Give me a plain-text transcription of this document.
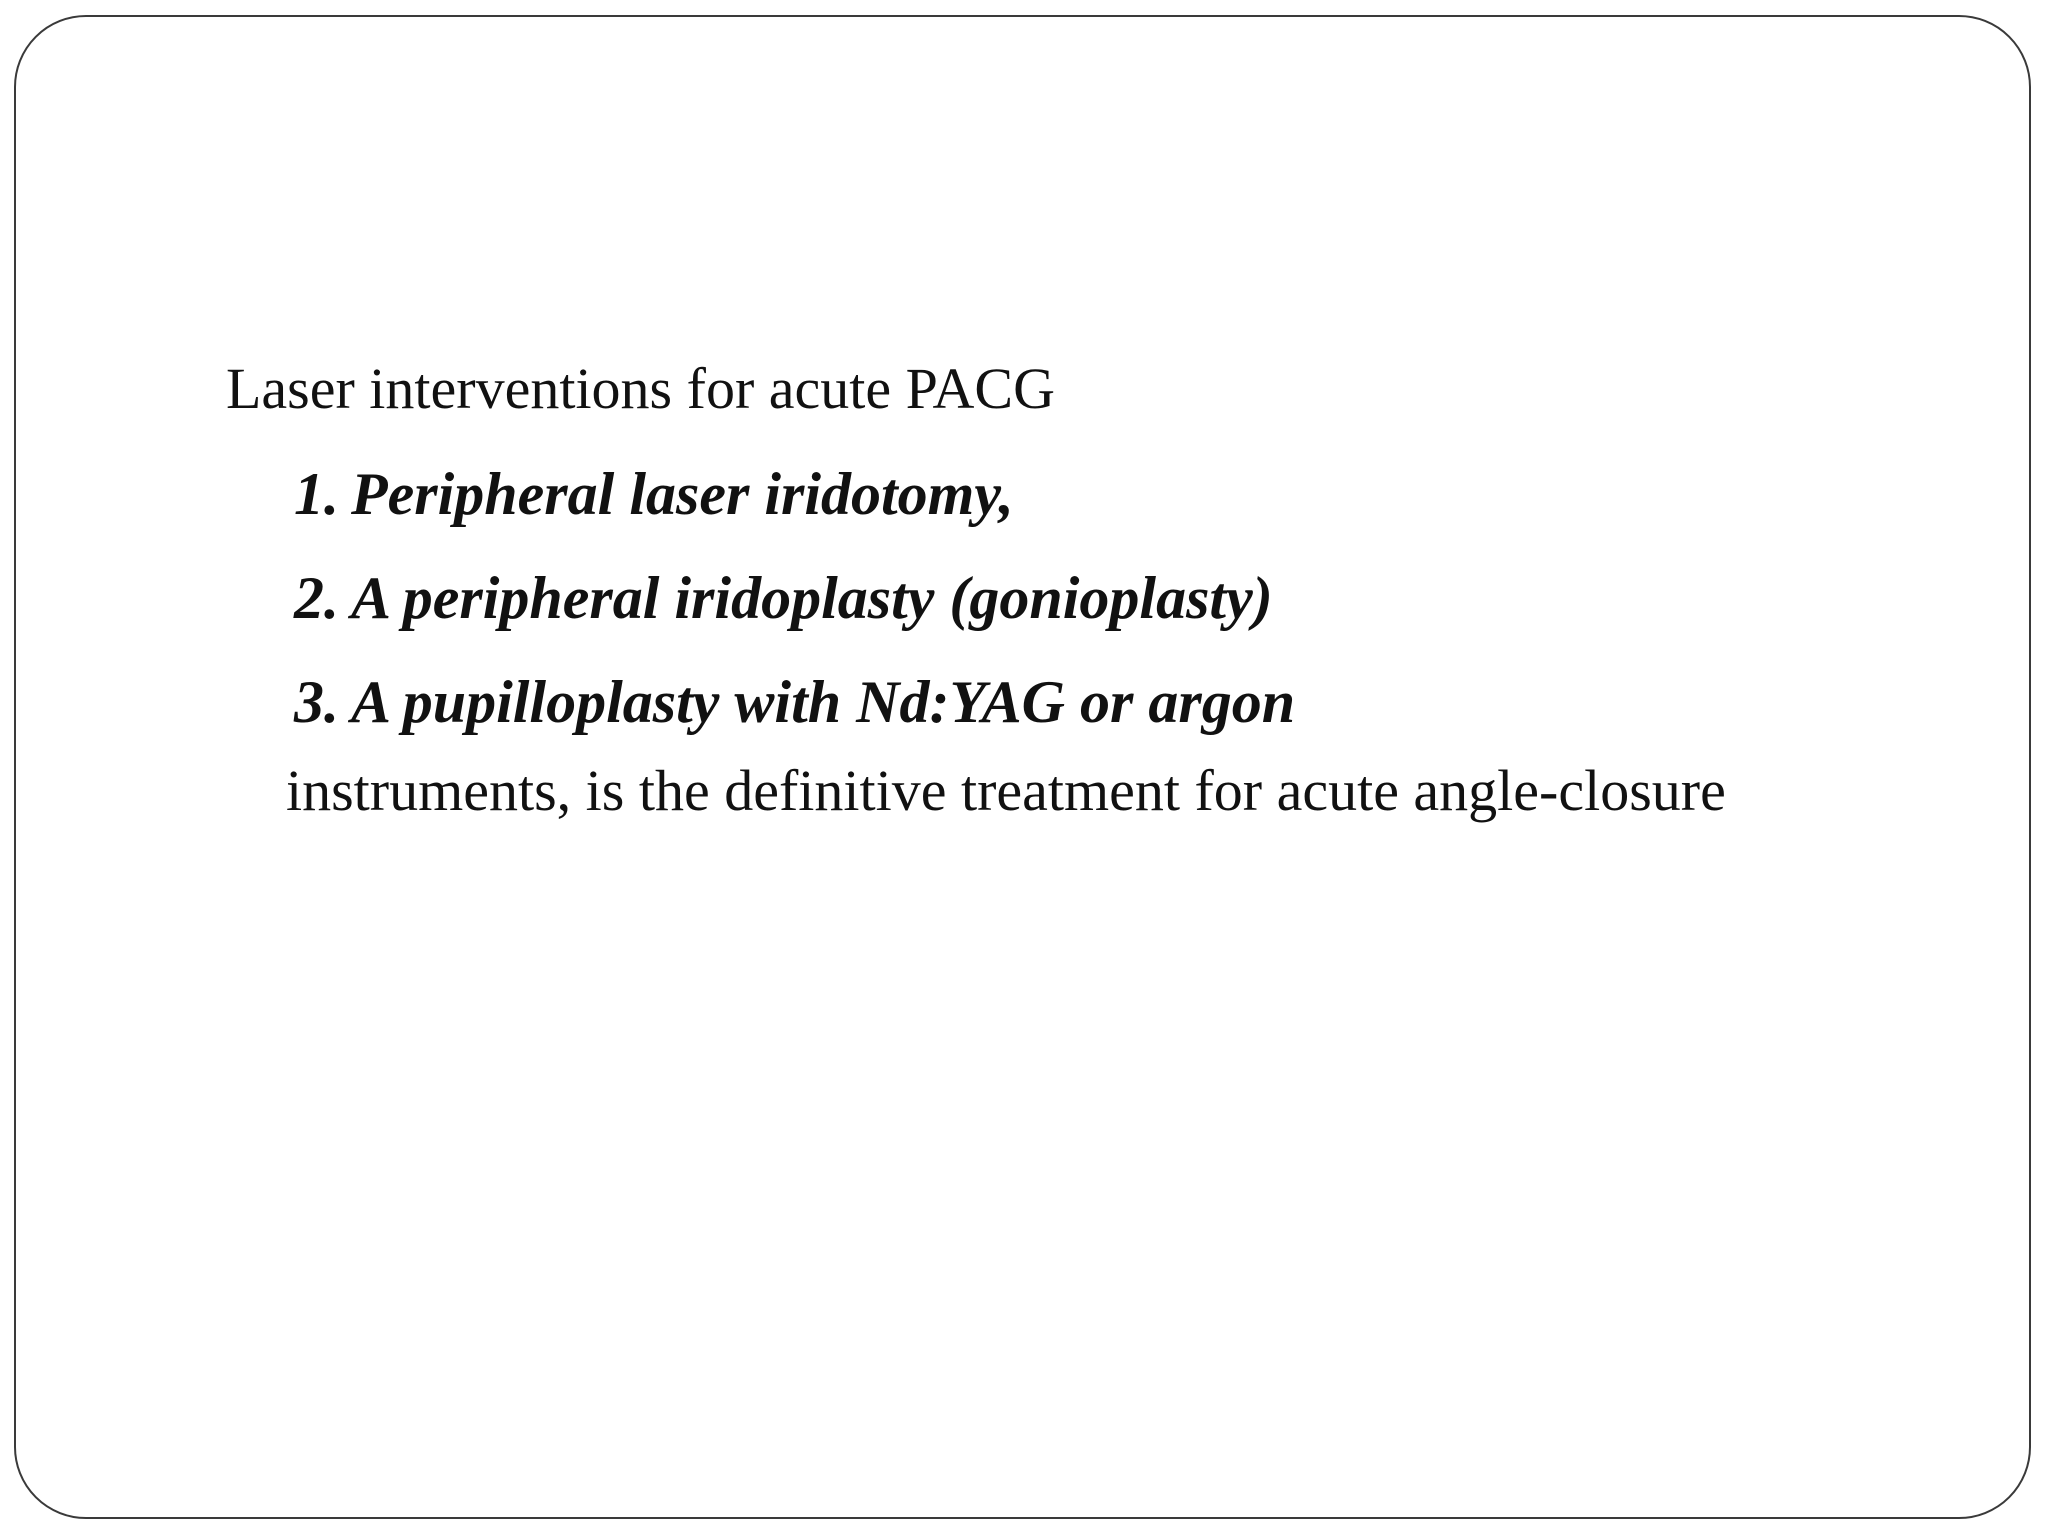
Laser interventions for acute PACG

1. Peripheral laser iridotomy,
2. A peripheral iridoplasty (gonioplasty)
3. A pupilloplasty with Nd:YAG or argon

instruments, is the definitive treatment for acute angle-closure
